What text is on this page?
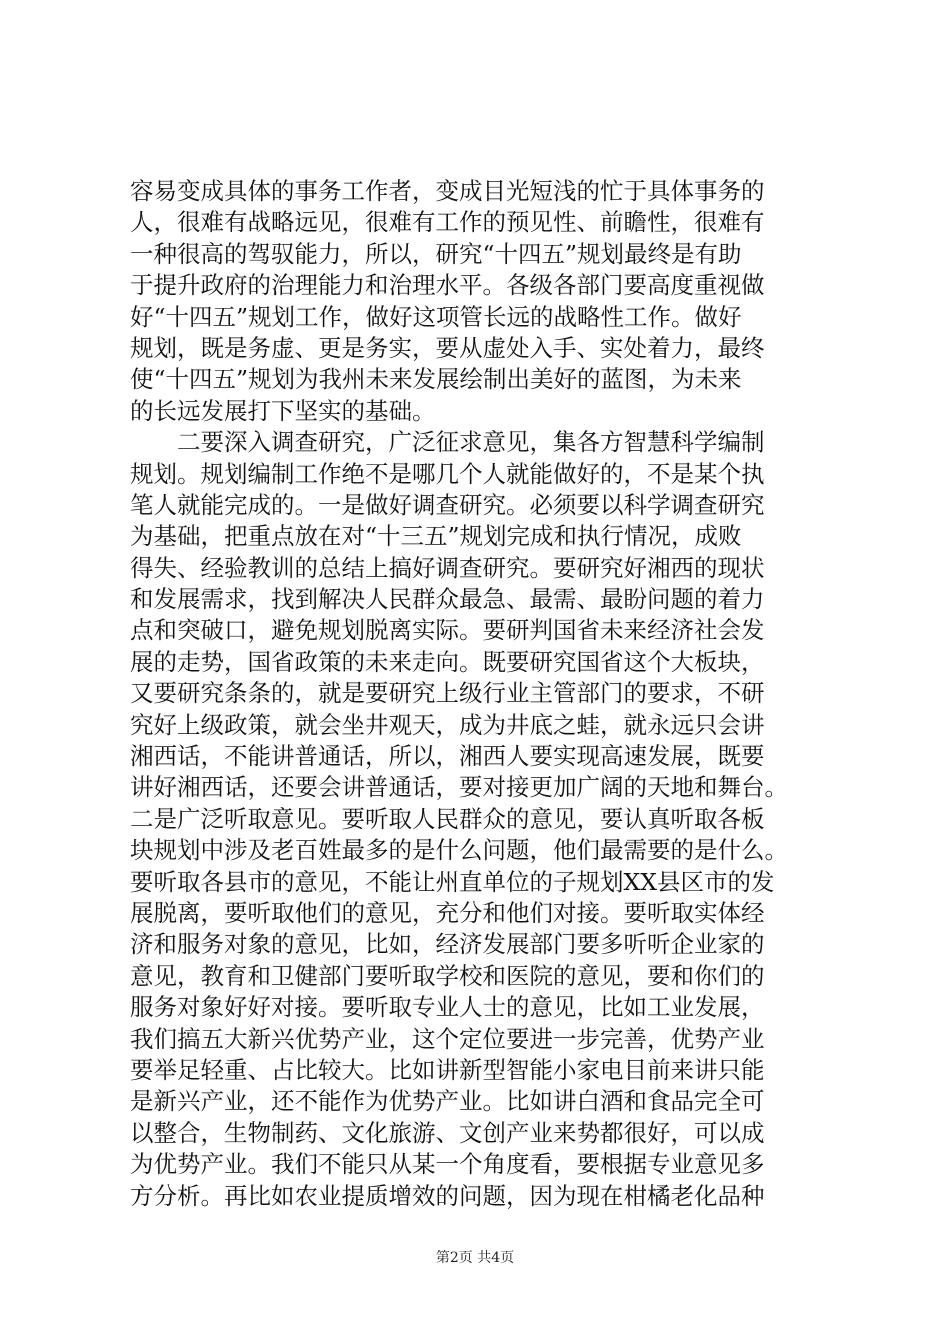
容易变成具体的事务工作者，变成目光短浅的忙于具体事务的
人，很难有战略远见，很难有工作的预见性、前瞻性，很难有
一种很高的驾驭能力，所以，研究“十四五”规划最终是有助
于提升政府的治理能力和治理水平。各级各部门要高度重视做
好“十四五”规划工作，做好这项管长远的战略性工作。做好
规划，既是务虚、更是务实，要从虚处入手、实处着力，最终
使“十四五”规划为我州未来发展绘制出美好的蓝图，为未来
的长远发展打下坚实的基础。
　　二要深入调查研究，广泛征求意见，集各方智慧科学编制
规划。规划编制工作绝不是哪几个人就能做好的，不是某个执
笔人就能完成的。一是做好调查研究。必须要以科学调查研究
为基础，把重点放在对“十三五”规划完成和执行情况，成败
得失、经验教训的总结上搞好调查研究。要研究好湘西的现状
和发展需求，找到解决人民群众最急、最需、最盼问题的着力
点和突破口，避免规划脱离实际。要研判国省未来经济社会发
展的走势，国省政策的未来走向。既要研究国省这个大板块，
又要研究条条的，就是要研究上级行业主管部门的要求，不研
究好上级政策，就会坐井观天，成为井底之蛙，就永远只会讲
湘西话，不能讲普通话，所以，湘西人要实现高速发展，既要
讲好湘西话，还要会讲普通话，要对接更加广阔的天地和舞台。
二是广泛听取意见。要听取人民群众的意见，要认真听取各板
块规划中涉及老百姓最多的是什么问题，他们最需要的是什么。
要听取各县市的意见，不能让州直单位的子规划XX县区市的发
展脱离，要听取他们的意见，充分和他们对接。要听取实体经
济和服务对象的意见，比如，经济发展部门要多听听企业家的
意见，教育和卫健部门要听取学校和医院的意见，要和你们的
服务对象好好对接。要听取专业人士的意见，比如工业发展，
我们搞五大新兴优势产业，这个定位要进一步完善，优势产业
要举足轻重、占比较大。比如讲新型智能小家电目前来讲只能
是新兴产业，还不能作为优势产业。比如讲白酒和食品完全可
以整合，生物制药、文化旅游、文创产业来势都很好，可以成
为优势产业。我们不能只从某一个角度看，要根据专业意见多
方分析。再比如农业提质增效的问题，因为现在柑橘老化品种
第2页 共4页
